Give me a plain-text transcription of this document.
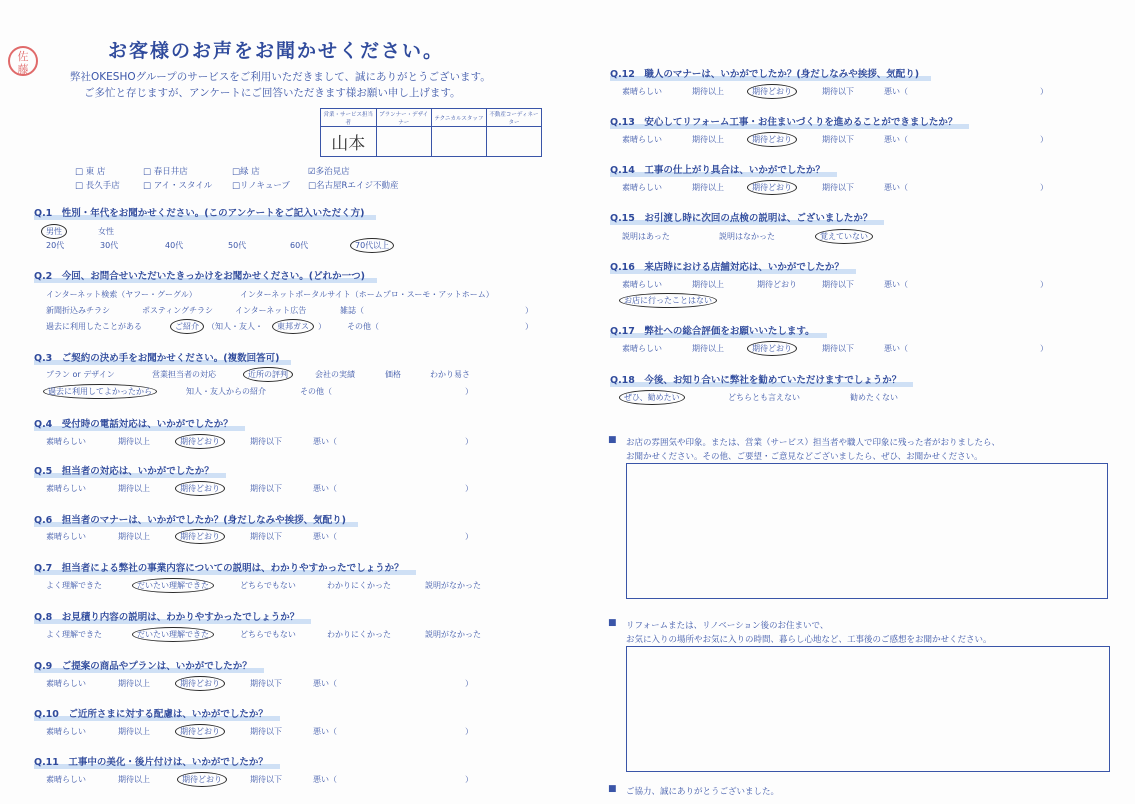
佐藤
お客様のお声をお聞かせください。
弊社OKESHOグループのサービスをご利用いただきまして、誠にありがとうございます。
ご多忙と存じますが、アンケートにご回答いただきます様お願い申し上げます。
営業・サービス担当者	プランナー・デザイナー	テクニカルスタッフ	不動産コーディネーター
山本			
□ 東 店	□ 春日井店	□緑 店	☑多治見店
□ 長久手店	□ アイ・スタイル □リノキューブ □名古屋Rエイジ不動産
Q.1　性別・年代をお聞かせください。(このアンケートをご記入いただく方)
男性	女性
20代	30代	40代	50代	60代	70代以上
Q.2　今回、お問合せいただいたきっかけをお聞かせください。(どれか一つ)
インターネット検索（ヤフー・グーグル）	インターネットポータルサイト（ホームプロ・スーモ・アットホーム）
新聞折込みチラシ	ポスティングチラシ	インターネット広告	雑誌（	）
過去に利用したことがある	ご紹介	（知人・友人・	東邦ガス	）	その他（	）
Q.3　ご契約の決め手をお聞かせください。(複数回答可)
プラン or デザイン	営業担当者の対応	近所の評判	会社の実績	価格	わかり易さ
過去に利用してよかったから	知人・友人からの紹介	その他（	）
Q.4　受付時の電話対応は、いかがでしたか？
素晴らしい	期待以上	期待どおり	期待以下	悪い（	）
Q.5　担当者の対応は、いかがでしたか？
素晴らしい	期待以上	期待どおり	期待以下	悪い（	）
Q.6　担当者のマナーは、いかがでしたか？(身だしなみや挨拶、気配り)
素晴らしい	期待以上	期待どおり	期待以下	悪い（	）
Q.7　担当者による弊社の事業内容についての説明は、わかりやすかったでしょうか？
よく理解できた	だいたい理解できた	どちらでもない	わかりにくかった	説明がなかった
Q.8　お見積り内容の説明は、わかりやすかったでしょうか？
よく理解できた	だいたい理解できた	どちらでもない	わかりにくかった	説明がなかった
Q.9　ご提案の商品やプランは、いかがでしたか？
素晴らしい	期待以上	期待どおり	期待以下	悪い（	）
Q.10　ご近所さまに対する配慮は、いかがでしたか？
素晴らしい	期待以上	期待どおり	期待以下	悪い（	）
Q.11　工事中の美化・後片付けは、いかがでしたか？
素晴らしい	期待以上	期待どおり	期待以下	悪い（	）
Q.12　職人のマナーは、いかがでしたか？(身だしなみや挨拶、気配り)
素晴らしい	期待以上	期待どおり	期待以下	悪い（	）
Q.13　安心してリフォーム工事・お住まいづくりを進めることができましたか？
素晴らしい	期待以上	期待どおり	期待以下	悪い（	）
Q.14　工事の仕上がり具合は、いかがでしたか？
素晴らしい	期待以上	期待どおり	期待以下	悪い（	）
Q.15　お引渡し時に次回の点検の説明は、ございましたか？
説明はあった	説明はなかった	覚えていない
Q.16　来店時における店舗対応は、いかがでしたか？
素晴らしい	期待以上	期待どおり	期待以下	悪い（	）
お店に行ったことはない
Q.17　弊社への総合評価をお願いいたします。
素晴らしい	期待以上	期待どおり	期待以下	悪い（	）
Q.18　今後、お知り合いに弊社を勧めていただけますでしょうか？
ぜひ、勧めたい	どちらとも言えない	勧めたくない
■ お店の雰囲気や印象。または、営業（サービス）担当者や職人で印象に残った者がおりましたら、
お聞かせください。その他、ご要望・ご意見などございましたら、ぜひ、お聞かせください。
■ リフォームまたは、リノベーション後のお住まいで、
お気に入りの場所やお気に入りの時間、暮らし心地など、工事後のご感想をお聞かせください。
■ ご協力、誠にありがとうございました。
